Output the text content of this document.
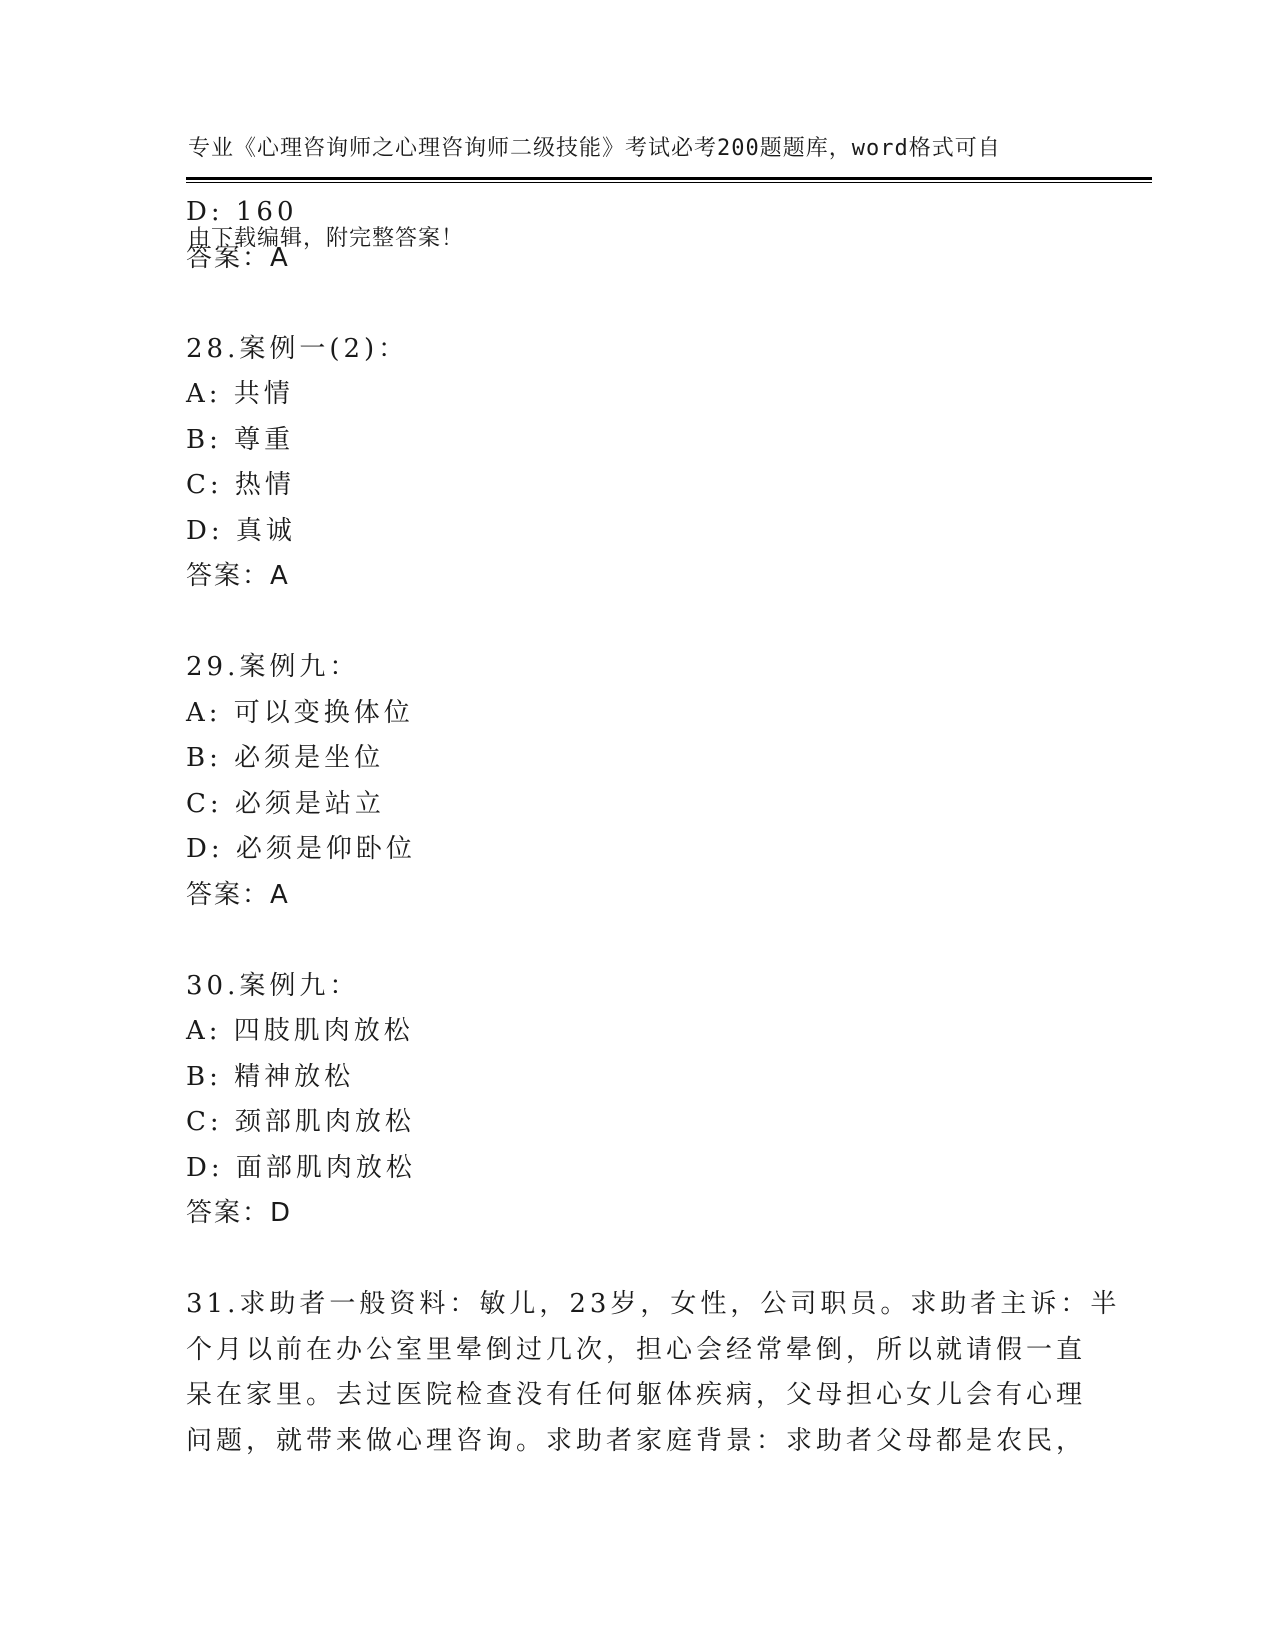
专业《心理咨询师之心理咨询师二级技能》考试必考200题题库，word格式可自

由下载编辑，附完整答案！

D: 160
答案：A
28.案例一(2)：
A: 共情
B: 尊重
C: 热情
D: 真诚
答案：A
29.案例九：
A: 可以变换体位
B: 必须是坐位
C: 必须是站立
D: 必须是仰卧位
答案：A
30.案例九：
A: 四肢肌肉放松
B: 精神放松
C: 颈部肌肉放松
D: 面部肌肉放松
答案：D
31.求助者一般资料：敏儿，23岁，女性，公司职员。求助者主诉：半
个月以前在办公室里晕倒过几次，担心会经常晕倒，所以就请假一直
呆在家里。去过医院检查没有任何躯体疾病，父母担心女儿会有心理
问题，就带来做心理咨询。求助者家庭背景：求助者父母都是农民，
